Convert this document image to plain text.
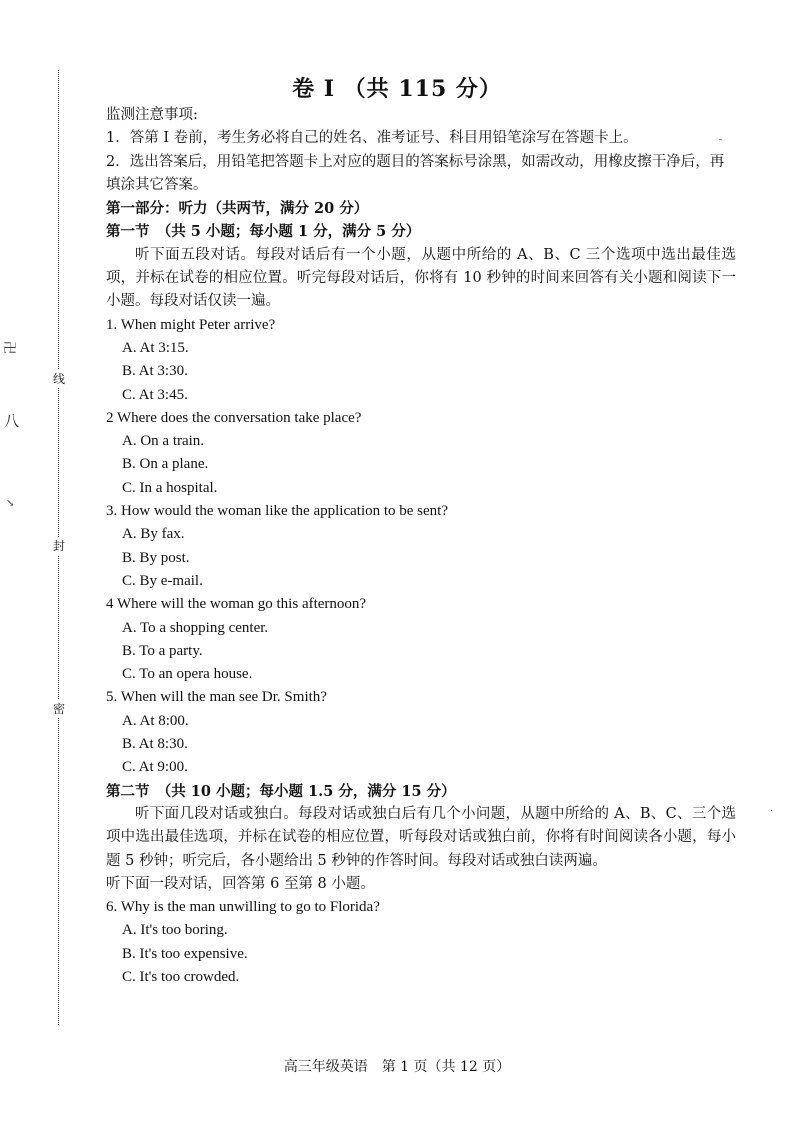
线
封
密
卍
八
↘
ˍ
·
卷 I （共 115 分）

监测注意事项:

1．答第 I 卷前，考生务必将自己的姓名、准考证号、科目用铅笔涂写在答题卡上。

2．选出答案后，用铅笔把答题卡上对应的题目的答案标号涂黑，如需改动，用橡皮擦干净后，再填涂其它答案。

第一部分：听力（共两节，满分 20 分）

第一节　（共 5 小题；每小题 1 分，满分 5 分）

听下面五段对话。每段对话后有一个小题，从题中所给的 A、B、C 三个选项中选出最佳选项，并标在试卷的相应位置。听完每段对话后，你将有 10 秒钟的时间来回答有关小题和阅读下一小题。每段对话仅读一遍。

1. When might Peter arrive?

A. At 3:15.

B. At 3:30.

C. At 3:45.

2 Where does the conversation take place?

A. On a train.

B. On a plane.

C. In a hospital.

3. How would the woman like the application to be sent?

A. By fax.

B. By post.

C. By e-mail.

4 Where will the woman go this afternoon?

A. To a shopping center.

B. To a party.

C. To an opera house.

5. When will the man see Dr. Smith?

A. At 8:00.

B. At 8:30.

C. At 9:00.

第二节　（共 10 小题；每小题 1.5 分，满分 15 分）

听下面几段对话或独白。每段对话或独白后有几个小问题，从题中所给的 A、B、C、三个选项中选出最佳选项，并标在试卷的相应位置，听每段对话或独白前，你将有时间阅读各小题，每小题 5 秒钟；听完后，各小题给出 5 秒钟的作答时间。每段对话或独白读两遍。

听下面一段对话，回答第 6 至第 8 小题。

6. Why is the man unwilling to go to Florida?

A. It's too boring.

B. It's too expensive.

C. It's too crowded.

高三年级英语　第 1 页（共 12 页）
